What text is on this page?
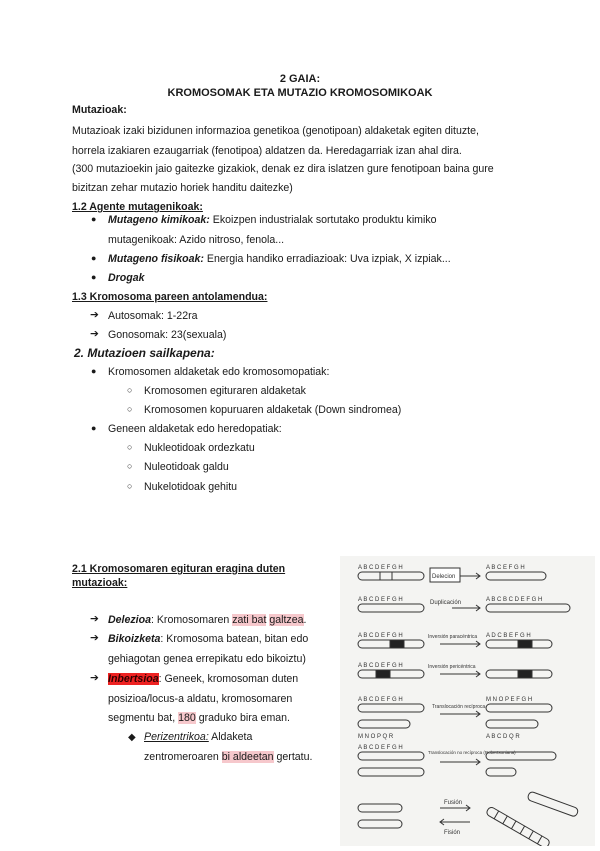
2 GAIA:
KROMOSOMAK ETA MUTAZIO KROMOSOMIKOAK
Mutazioak:
Mutazioak izaki bizidunen informazioa genetikoa (genotipoan) aldaketak egiten dituzte,
horrela izakiaren ezaugarriak (fenotipoa) aldatzen da. Heredagarriak izan ahal dira.
(300 mutazioekin jaio gaitezke gizakiok, denak ez dira islatzen gure fenotipoan baina gure
bizitzan zehar mutazio horiek handitu daitezke)
1.2 Agente mutagenikoak:
● Mutageno kimikoak: Ekoizpen industrialak sortutako produktu kimiko
mutagenikoak: Azido nitroso, fenola...
● Mutageno fisikoak: Energia handiko erradiazioak: Uva izpiak, X izpiak...
● Drogak
1.3 Kromosoma pareen antolamendua:
➔ Autosomak: 1-22ra
➔ Gonosomak: 23(sexuala)
2. Mutazioen sailkapena:
● Kromosomen aldaketak edo kromosomopatiak:
○ Kromosomen egituraren aldaketak
○ Kromosomen kopuruaren aldaketak (Down sindromea)
● Geneen aldaketak edo heredopatiak:
○ Nukleotidoak ordezkatu
○ Nuleotidoak galdu
○ Nukelotidoak gehitu
2.1 Kromosomaren egituran eragina duten
mutazioak:
➔ Delezioa: Kromosomaren zati bat galtzea.
➔ Bikoizketa: Kromosoma batean, bitan edo
gehiagotan genea errepikatu edo bikoiztu)
➔ Inbertsioa: Geneek, kromosoman duten
posizioa/locus-a aldatu, kromosomaren
segmentu bat, 180 graduko bira eman.
◆ Perizentrikoa: Aldaketa
zentromeroaren bi aldeetan gertatu.
A B C D E F G H	A B C E F G H
Delecion
A B C D E F G H	A B C B C D E F G H
Duplicación
A B C D E F G H	A D C B E F G H
Inversión paracéntrica
Inversión pericéntrica
A B C D E F G H
A B C D E F G H
M N O P Q R
M N O P E F G H
A B C D Q R
Translocación recíproca
Translocación no recíproca (Robertsoniana)
A B C D E F G H
Fusión
Fisión
